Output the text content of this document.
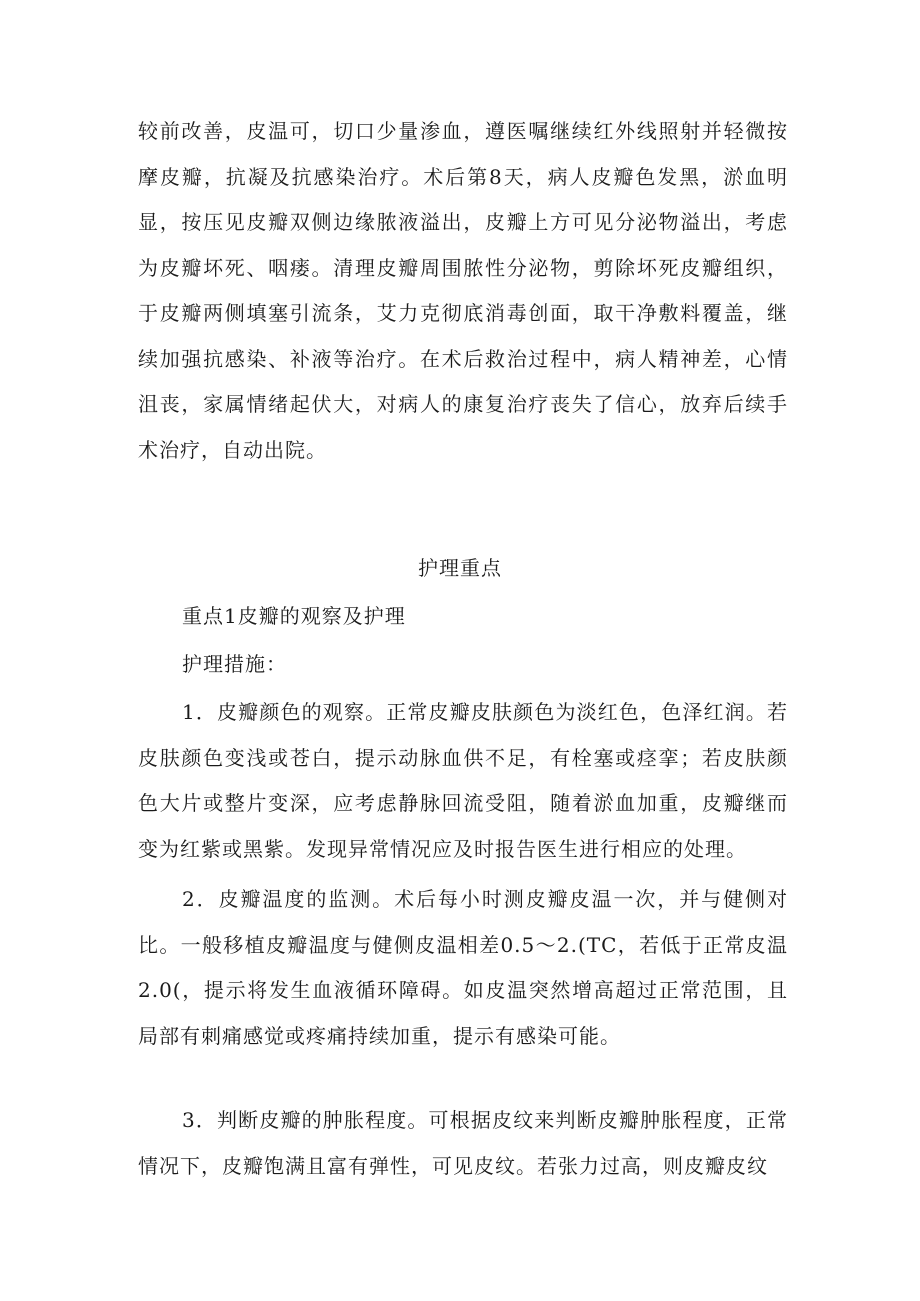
较前改善，皮温可，切口少量渗血，遵医嘱继续红外线照射并轻微按摩皮瓣，抗凝及抗感染治疗。术后第8天，病人皮瓣色发黑，淤血明显，按压见皮瓣双侧边缘脓液溢出，皮瓣上方可见分泌物溢出，考虑为皮瓣坏死、咽瘘。清理皮瓣周围脓性分泌物，剪除坏死皮瓣组织，于皮瓣两侧填塞引流条，艾力克彻底消毒创面，取干净敷料覆盖，继续加强抗感染、补液等治疗。在术后救治过程中，病人精神差，心情沮丧，家属情绪起伏大，对病人的康复治疗丧失了信心，放弃后续手术治疗，自动出院。

护理重点

重点1皮瓣的观察及护理

护理措施：

1．皮瓣颜色的观察。正常皮瓣皮肤颜色为淡红色，色泽红润。若皮肤颜色变浅或苍白，提示动脉血供不足，有栓塞或痉挛；若皮肤颜色大片或整片变深，应考虑静脉回流受阻，随着淤血加重，皮瓣继而变为红紫或黑紫。发现异常情况应及时报告医生进行相应的处理。

2．皮瓣温度的监测。术后每小时测皮瓣皮温一次，并与健侧对比。一般移植皮瓣温度与健侧皮温相差0.5～2.(TC，若低于正常皮温2.0(，提示将发生血液循环障碍。如皮温突然增高超过正常范围，且局部有刺痛感觉或疼痛持续加重，提示有感染可能。

3．判断皮瓣的肿胀程度。可根据皮纹来判断皮瓣肿胀程度，正常情况下，皮瓣饱满且富有弹性，可见皮纹。若张力过高，则皮瓣皮纹
